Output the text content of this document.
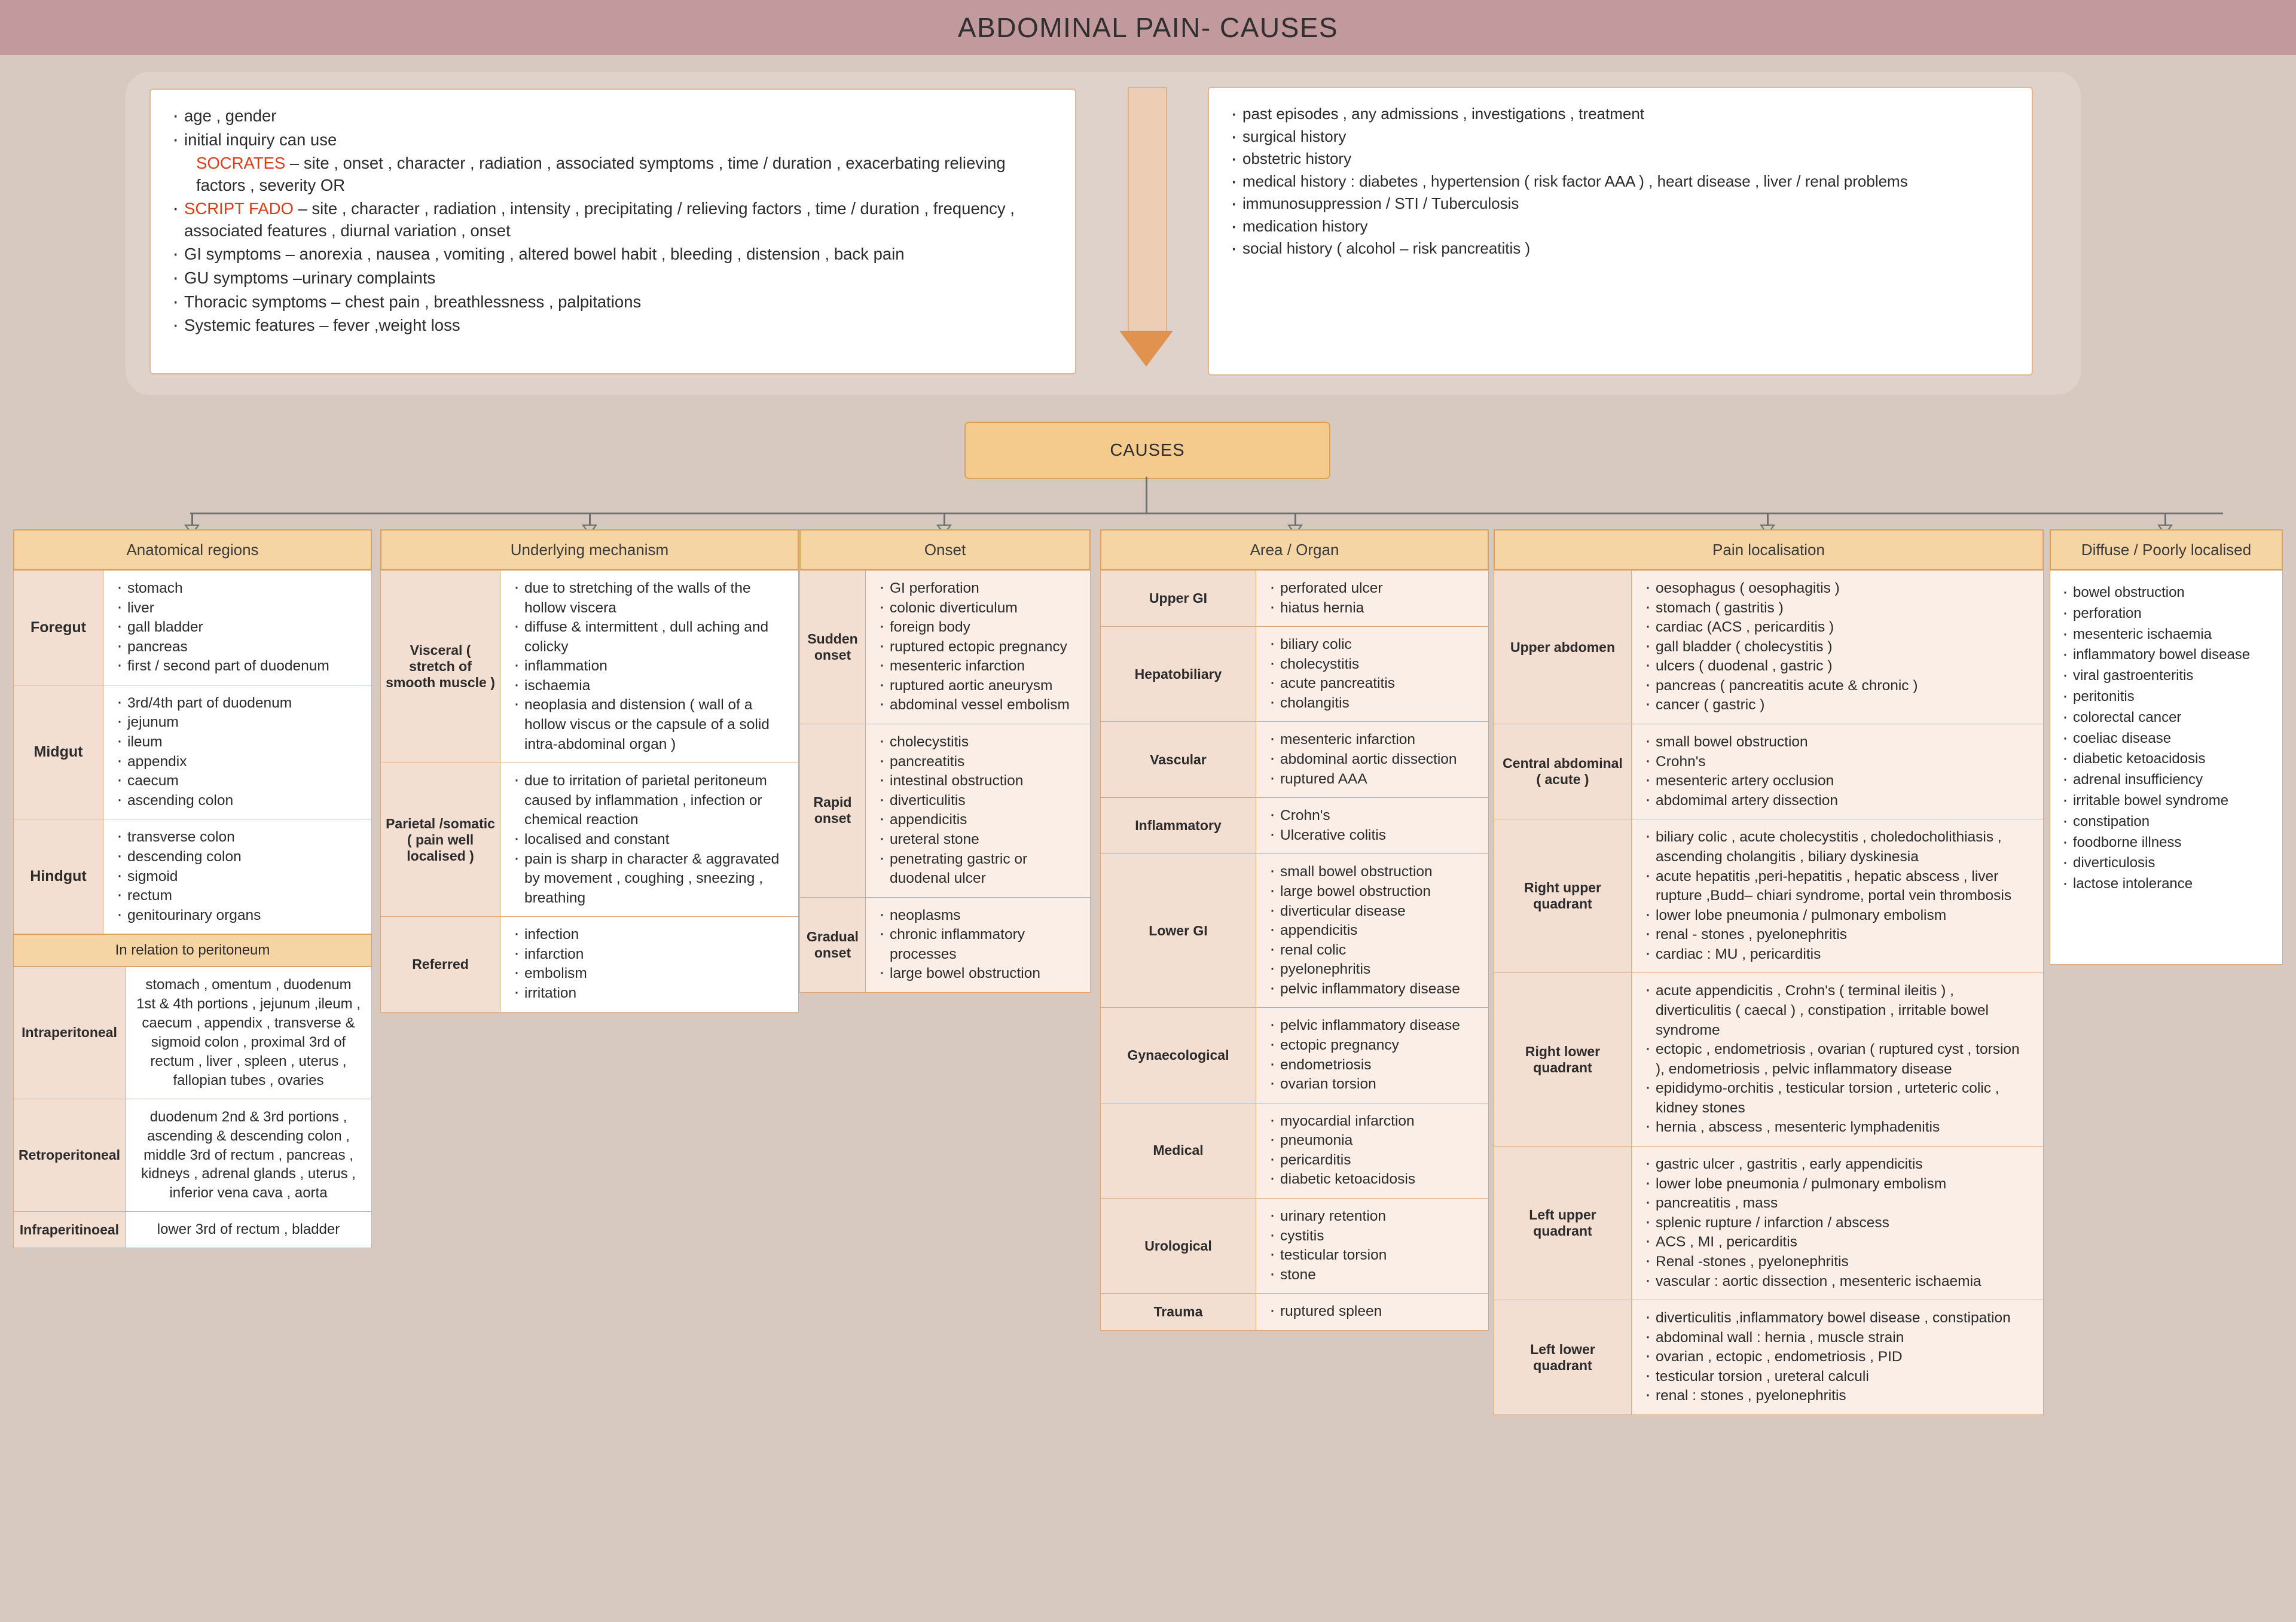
ABDOMINAL PAIN- CAUSES
· age , gender
· initial inquiry can use
SOCRATES – site , onset , character , radiation , associated symptoms , time / duration , exacerbating relieving factors , severity OR
· SCRIPT FADO – site , character , radiation , intensity , precipitating / relieving factors , time / duration , frequency , associated features , diurnal variation , onset
· GI symptoms – anorexia , nausea , vomiting , altered bowel habit , bleeding , distension , back pain
· GU symptoms –urinary complaints
· Thoracic symptoms – chest pain , breathlessness , palpitations
· Systemic features – fever ,weight loss
· past episodes , any admissions , investigations , treatment
· surgical history
· obstetric history
· medical history : diabetes , hypertension ( risk factor AAA ) , heart disease , liver / renal problems
· immunosuppression / STI / Tuberculosis
· medication history
· social history ( alcohol – risk pancreatitis )
CAUSES
Anatomical regions
Foregut	
· stomach
· liver
· gall bladder
· pancreas
· first / second part of duodenum

Midgut	
· 3rd/4th part of duodenum
· jejunum
· ileum
· appendix
· caecum
· ascending colon

Hindgut	
· transverse colon
· descending colon
· sigmoid
· rectum
· genitourinary organs
In relation to peritoneum
Intraperitoneal	stomach , omentum , duodenum 1st & 4th portions , jejunum ,ileum , caecum , appendix , transverse & sigmoid colon , proximal 3rd of rectum , liver , spleen , uterus , fallopian tubes , ovaries
Retroperitoneal	duodenum 2nd & 3rd portions , ascending & descending colon , middle 3rd of rectum , pancreas , kidneys , adrenal glands , uterus , inferior vena cava , aorta
Infraperitinoeal	lower 3rd of rectum , bladder
Underlying mechanism
Visceral ( stretch of smooth muscle )	
· due to stretching of the walls of the hollow viscera
· diffuse & intermittent , dull aching and colicky
· inflammation
· ischaemia
· neoplasia and distension ( wall of a hollow viscus or the capsule of a solid intra-abdominal organ )

Parietal /somatic ( pain well localised )	
· due to irritation of parietal peritoneum caused by inflammation , infection or chemical reaction
· localised and constant
· pain is sharp in character & aggravated by movement , coughing , sneezing , breathing

Referred	
· infection
· infarction
· embolism
· irritation
Onset
Sudden onset	
· GI perforation
· colonic diverticulum
· foreign body
· ruptured ectopic pregnancy
· mesenteric infarction
· ruptured aortic aneurysm
· abdominal vessel embolism

Rapid onset	
· cholecystitis
· pancreatitis
· intestinal obstruction
· diverticulitis
· appendicitis
· ureteral stone
· penetrating gastric or duodenal ulcer

Gradual onset	
· neoplasms
· chronic inflammatory processes
· large bowel obstruction
Area / Organ
Upper GI	
· perforated ulcer
· hiatus hernia

Hepatobiliary	
· biliary colic
· cholecystitis
· acute pancreatitis
· cholangitis

Vascular	
· mesenteric infarction
· abdominal aortic dissection
· ruptured AAA

Inflammatory	
· Crohn's
· Ulcerative colitis

Lower GI	
· small bowel obstruction
· large bowel obstruction
· diverticular disease
· appendicitis
· renal colic
· pyelonephritis
· pelvic inflammatory disease

Gynaecological	
· pelvic inflammatory disease
· ectopic pregnancy
· endometriosis
· ovarian torsion

Medical	
· myocardial infarction
· pneumonia
· pericarditis
· diabetic ketoacidosis

Urological	
· urinary retention
· cystitis
· testicular torsion
· stone

Trauma	
·ruptured spleen
Pain localisation
Upper abdomen	
· oesophagus ( oesophagitis )
· stomach ( gastritis )
· cardiac (ACS , pericarditis )
· gall bladder ( cholecystitis )
· ulcers ( duodenal , gastric )
· pancreas ( pancreatitis acute & chronic )
· cancer ( gastric )

Central abdominal ( acute )	
· small bowel obstruction
· Crohn's
· mesenteric artery occlusion
· abdomimal artery dissection

Right upper quadrant	
· biliary colic , acute cholecystitis , choledocholithiasis , ascending cholangitis , biliary dyskinesia
· acute hepatitis ,peri-hepatitis , hepatic abscess , liver rupture ,Budd– chiari syndrome, portal vein thrombosis
· lower lobe pneumonia / pulmonary embolism
· renal - stones , pyelonephritis
· cardiac : MU , pericarditis

Right lower quadrant	
· acute appendicitis , Crohn's ( terminal ileitis ) , diverticulitis ( caecal ) , constipation , irritable bowel syndrome
· ectopic , endometriosis , ovarian ( ruptured cyst , torsion ), endometriosis , pelvic inflammatory disease
· epididymo-orchitis , testicular torsion , urteteric colic , kidney stones
· hernia , abscess , mesenteric lymphadenitis

Left upper quadrant	
· gastric ulcer , gastritis , early appendicitis
· lower lobe pneumonia / pulmonary embolism
· pancreatitis , mass
· splenic rupture / infarction / abscess
· ACS , MI , pericarditis
· Renal -stones , pyelonephritis
· vascular : aortic dissection , mesenteric ischaemia

Left lower quadrant	
· diverticulitis ,inflammatory bowel disease , constipation
· abdominal wall : hernia , muscle strain
· ovarian , ectopic , endometriosis , PID
· testicular torsion , ureteral calculi
· renal : stones , pyelonephritis
Diffuse / Poorly localised
· bowel obstruction
· perforation
· mesenteric ischaemia
· inflammatory bowel disease
· viral gastroenteritis
· peritonitis
· colorectal cancer
· coeliac disease
· diabetic ketoacidosis
· adrenal insufficiency
· irritable bowel syndrome
· constipation
· foodborne illness
· diverticulosis
· lactose intolerance
